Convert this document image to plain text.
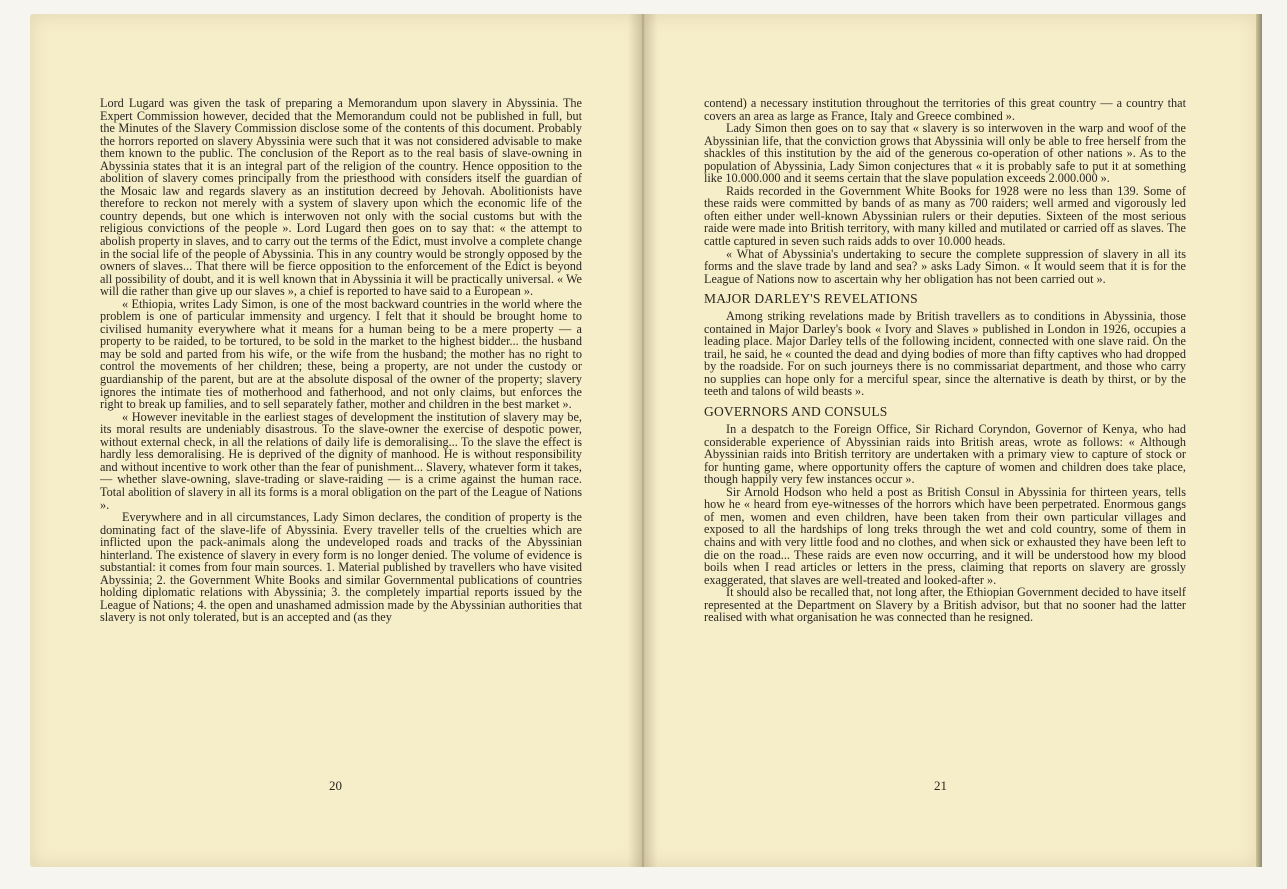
Lord Lugard was given the task of preparing a Memorandum upon slavery in Abyssinia. The Expert Commission however, decided that the Memorandum could not be published in full, but the Minutes of the Slavery Commission disclose some of the contents of this document. Probably the horrors reported on slavery Abyssinia were such that it was not considered advisable to make them known to the public. The conclusion of the Report as to the real basis of slave-owning in Abyssinia states that it is an integral part of the religion of the country. Hence opposition to the abolition of slavery comes principally from the priesthood with considers itself the guardian of the Mosaic law and regards slavery as an institution decreed by Jehovah. Abolitionists have therefore to reckon not merely with a system of slavery upon which the economic life of the country depends, but one which is interwoven not only with the social customs but with the religious convictions of the people ». Lord Lugard then goes on to say that: « the attempt to abolish property in slaves, and to carry out the terms of the Edict, must involve a complete change in the social life of the people of Abyssinia. This in any country would be strongly opposed by the owners of slaves... That there will be fierce opposition to the enforcement of the Edict is beyond all possibility of doubt, and it is well known that in Abyssinia it will be practically universal. « We will die rather than give up our slaves », a chief is reported to have said to a European ».

« Ethiopia, writes Lady Simon, is one of the most backward countries in the world where the problem is one of particular immensity and urgency. I felt that it should be brought home to civilised humanity everywhere what it means for a human being to be a mere property — a property to be raided, to be tortured, to be sold in the market to the highest bidder... the husband may be sold and parted from his wife, or the wife from the husband; the mother has no right to control the movements of her children; these, being a property, are not under the custody or guardianship of the parent, but are at the absolute disposal of the owner of the property; slavery ignores the intimate ties of motherhood and fatherhood, and not only claims, but enforces the right to break up families, and to sell separately father, mother and children in the best market ».

« However inevitable in the earliest stages of development the institution of slavery may be, its moral results are undeniably disastrous. To the slave-owner the exercise of despotic power, without external check, in all the relations of daily life is demoralising... To the slave the effect is hardly less demoralising. He is deprived of the dignity of manhood. He is without responsibility and without incentive to work other than the fear of punishment... Slavery, whatever form it takes, — whether slave-owning, slave-trading or slave-raiding — is a crime against the human race. Total abolition of slavery in all its forms is a moral obligation on the part of the League of Nations ».

Everywhere and in all circumstances, Lady Simon declares, the condition of property is the dominating fact of the slave-life of Abyssinia. Every traveller tells of the cruelties which are inflicted upon the pack-animals along the undeveloped roads and tracks of the Abyssinian hinterland. The existence of slavery in every form is no longer denied. The volume of evidence is substantial: it comes from four main sources. 1. Material published by travellers who have visited Abyssinia; 2. the Government White Books and similar Governmental publications of countries holding diplomatic relations with Abyssinia; 3. the completely impartial reports issued by the League of Nations; 4. the open and unashamed admission made by the Abyssinian authorities that slavery is not only tolerated, but is an accepted and (as they

20

contend) a necessary institution throughout the territories of this great country — a country that covers an area as large as France, Italy and Greece combined ».

Lady Simon then goes on to say that « slavery is so interwoven in the warp and woof of the Abyssinian life, that the conviction grows that Abyssinia will only be able to free herself from the shackles of this institution by the aid of the generous co-operation of other nations ». As to the population of Abyssinia, Lady Simon conjectures that « it is probably safe to put it at something like 10.000.000 and it seems certain that the slave population exceeds 2.000.000 ».

Raids recorded in the Government White Books for 1928 were no less than 139. Some of these raids were committed by bands of as many as 700 raiders; well armed and vigorously led often either under well-known Abyssinian rulers or their deputies. Sixteen of the most serious raide were made into British territory, with many killed and mutilated or carried off as slaves. The cattle captured in seven such raids adds to over 10.000 heads.

« What of Abyssinia's undertaking to secure the complete suppression of slavery in all its forms and the slave trade by land and sea? » asks Lady Simon. « It would seem that it is for the League of Nations now to ascertain why her obligation has not been carried out ».

MAJOR DARLEY'S REVELATIONS

Among striking revelations made by British travellers as to conditions in Abyssinia, those contained in Major Darley's book « Ivory and Slaves » published in London in 1926, occupies a leading place. Major Darley tells of the following incident, connected with one slave raid. On the trail, he said, he « counted the dead and dying bodies of more than fifty captives who had dropped by the roadside. For on such journeys there is no commissariat department, and those who carry no supplies can hope only for a merciful spear, since the alternative is death by thirst, or by the teeth and talons of wild beasts ».

GOVERNORS AND CONSULS

In a despatch to the Foreign Office, Sir Richard Coryndon, Governor of Kenya, who had considerable experience of Abyssinian raids into British areas, wrote as follows: « Although Abyssinian raids into British territory are undertaken with a primary view to capture of stock or for hunting game, where opportunity offers the capture of women and children does take place, though happily very few instances occur ».

Sir Arnold Hodson who held a post as British Consul in Abyssinia for thirteen years, tells how he « heard from eye-witnesses of the horrors which have been perpetrated. Enormous gangs of men, women and even children, have been taken from their own particular villages and exposed to all the hardships of long treks through the wet and cold country, some of them in chains and with very little food and no clothes, and when sick or exhausted they have been left to die on the road... These raids are even now occurring, and it will be understood how my blood boils when I read articles or letters in the press, claiming that reports on slavery are grossly exaggerated, that slaves are well-treated and looked-after ».

It should also be recalled that, not long after, the Ethiopian Government decided to have itself represented at the Department on Slavery by a British advisor, but that no sooner had the latter realised with what organisation he was connected than he resigned.

21
